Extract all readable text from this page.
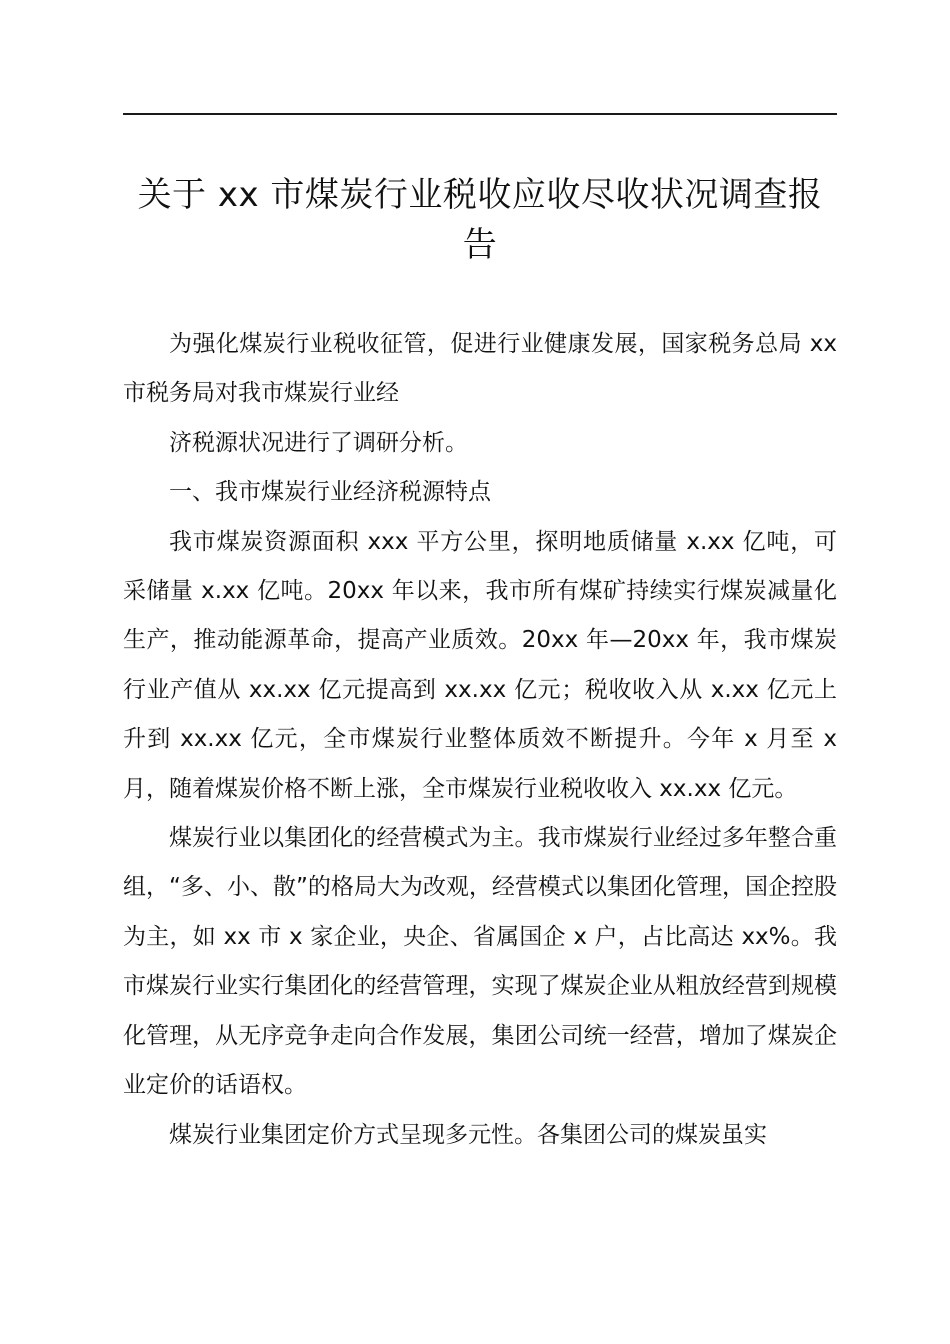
关于 xx 市煤炭行业税收应收尽收状况调查报
告

为强化煤炭行业税收征管，促进行业健康发展，国家税务总局 xx 市税务局对我市煤炭行业经

济税源状况进行了调研分析。

一、我市煤炭行业经济税源特点

我市煤炭资源面积 xxx 平方公里，探明地质储量 x.xx 亿吨，可采储量 x.xx 亿吨。20xx 年以来，我市所有煤矿持续实行煤炭减量化生产，推动能源革命，提高产业质效。20xx 年—20xx 年，我市煤炭行业产值从 xx.xx 亿元提高到 xx.xx 亿元；税收收入从 x.xx 亿元上升到 xx.xx 亿元，全市煤炭行业整体质效不断提升。今年 x 月至 x 月，随着煤炭价格不断上涨，全市煤炭行业税收收入 xx.xx 亿元。

煤炭行业以集团化的经营模式为主。我市煤炭行业经过多年整合重组，“多、小、散”的格局大为改观，经营模式以集团化管理，国企控股为主，如 xx 市 x 家企业，央企、省属国企 x 户，占比高达 xx%。我市煤炭行业实行集团化的经营管理，实现了煤炭企业从粗放经营到规模化管理，从无序竞争走向合作发展，集团公司统一经营，增加了煤炭企业定价的话语权。

煤炭行业集团定价方式呈现多元性。各集团公司的煤炭虽实
